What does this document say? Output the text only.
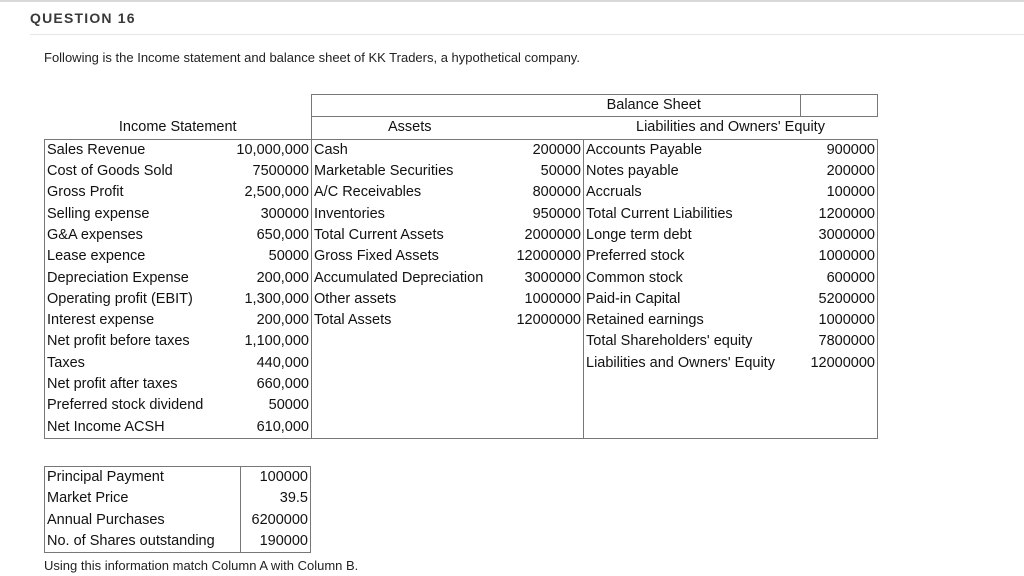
QUESTION 16
Following is the Income statement and balance sheet of KK Traders, a hypothetical company.
			Balance Sheet		
Income Statement		Assets		Liabilities and Owners' Equity	
Sales Revenue	10,000,000	Cash	200000	Accounts Payable	900000
Cost of Goods Sold	7500000	Marketable Securities	50000	Notes payable	200000
Gross Profit	2,500,000	A/C Receivables	800000	Accruals	100000
Selling expense	300000	Inventories	950000	Total Current Liabilities	1200000
G&A expenses	650,000	Total Current Assets	2000000	Longe term debt	3000000
Lease expence	50000	Gross Fixed Assets	12000000	Preferred stock	1000000
Depreciation Expense	200,000	Accumulated Depreciation	3000000	Common stock	600000
Operating profit (EBIT)	1,300,000	Other assets	1000000	Paid-in Capital	5200000
Interest expense	200,000	Total Assets	12000000	Retained earnings	1000000
Net profit before taxes	1,100,000			Total Shareholders' equity	7800000
Taxes	440,000			Liabilities and Owners' Equity	12000000
Net profit after taxes	660,000				
Preferred stock dividend	50000				
Net Income ACSH	610,000				
Principal Payment	100000
Market Price	39.5
Annual Purchases	6200000
No. of Shares outstanding	190000
Using this information match Column A with Column B.
